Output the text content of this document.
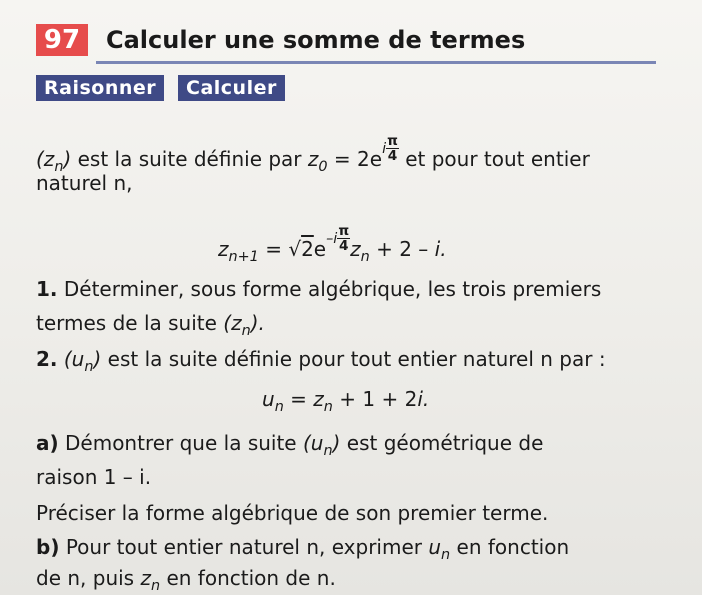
97	Calculer une somme de termes
Raisonner	Calculer
$(z_n)$ est la suite définie par $z_0 = 2ei \frac{\pi}{4}$ et pour tout entier
naturel n,
$z_{n+1} = √2e-i \frac{\pi}{4} z_n + 2 - i$.
1. Déterminer, sous forme algébrique, les trois premiers
termes de la suite $(z_n)$.
2. $(u_n)$ est la suite définie pour tout entier naturel n par :
$u_n = z_n + 1 + 2i$.
a) Démontrer que la suite $(u_n)$ est géométrique de
raison 1 – i.
Préciser la forme algébrique de son premier terme.
b) Pour tout entier naturel n, exprimer $u_n$ en fonction
de n, puis $z_n$ en fonction de n.
